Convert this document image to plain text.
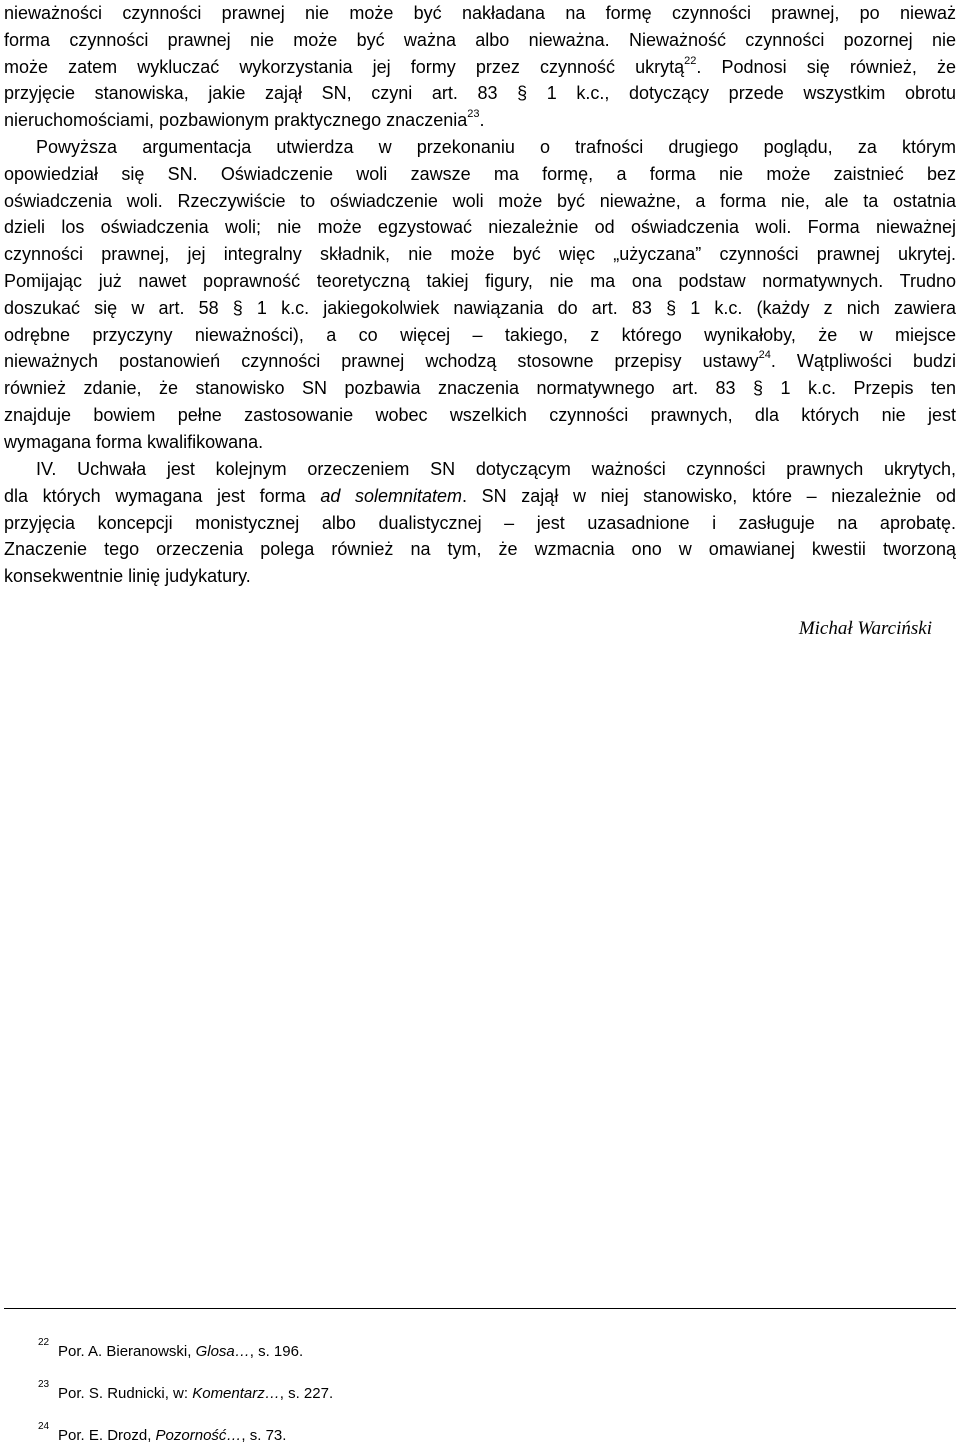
nieważności czynności prawnej nie może być nakładana na formę czynności prawnej, po nieważ
forma czynności prawnej nie może być ważna albo nieważna. Nieważność czynności pozornej nie
może zatem wykluczać wykorzystania jej formy przez czynność ukrytą$^{22}$. Podnosi się również, że
przyjęcie stanowiska, jakie zajął SN, czyni art. 83 § 1 k.c., dotyczący przede wszystkim obrotu
nieruchomościami, pozbawionym praktycznego znaczenia$^{23}$.
Powyższa argumentacja utwierdza w przekonaniu o trafności drugiego poglądu, za którym
opowiedział się SN. Oświadczenie woli zawsze ma formę, a forma nie może zaistnieć bez
oświadczenia woli. Rzeczywiście to oświadczenie woli może być nieważne, a forma nie, ale ta ostatnia
dzieli los oświadczenia woli; nie może egzystować niezależnie od oświadczenia woli. Forma nieważnej
czynności prawnej, jej integralny składnik, nie może być więc „użyczana” czynności prawnej ukrytej.
Pomijając już nawet poprawność teoretyczną takiej figury, nie ma ona podstaw normatywnych. Trudno
doszukać się w art. 58 § 1 k.c. jakiegokolwiek nawiązania do art. 83 § 1 k.c. (każdy z nich zawiera
odrębne przyczyny nieważności), a co więcej – takiego, z którego wynikałoby, że w miejsce
nieważnych postanowień czynności prawnej wchodzą stosowne przepisy ustawy$^{24}$. Wątpliwości budzi
również zdanie, że stanowisko SN pozbawia znaczenia normatywnego art. 83 § 1 k.c. Przepis ten
znajduje bowiem pełne zastosowanie wobec wszelkich czynności prawnych, dla których nie jest
wymagana forma kwalifikowana.
IV. Uchwała jest kolejnym orzeczeniem SN dotyczącym ważności czynności prawnych ukrytych,
dla których wymagana jest forma ad solemnitatem. SN zajął w niej stanowisko, które – niezależnie od
przyjęcia koncepcji monistycznej albo dualistycznej – jest uzasadnione i zasługuje na aprobatę.
Znaczenie tego orzeczenia polega również na tym, że wzmacnia ono w omawianej kwestii tworzoną
konsekwentnie linię judykatury.
Michał Warciński
22
Por. A. Bieranowski, Glosa…, s. 196.
23
Por. S. Rudnicki, w: Komentarz…, s. 227.
24
Por. E. Drozd, Pozorność…, s. 73.
